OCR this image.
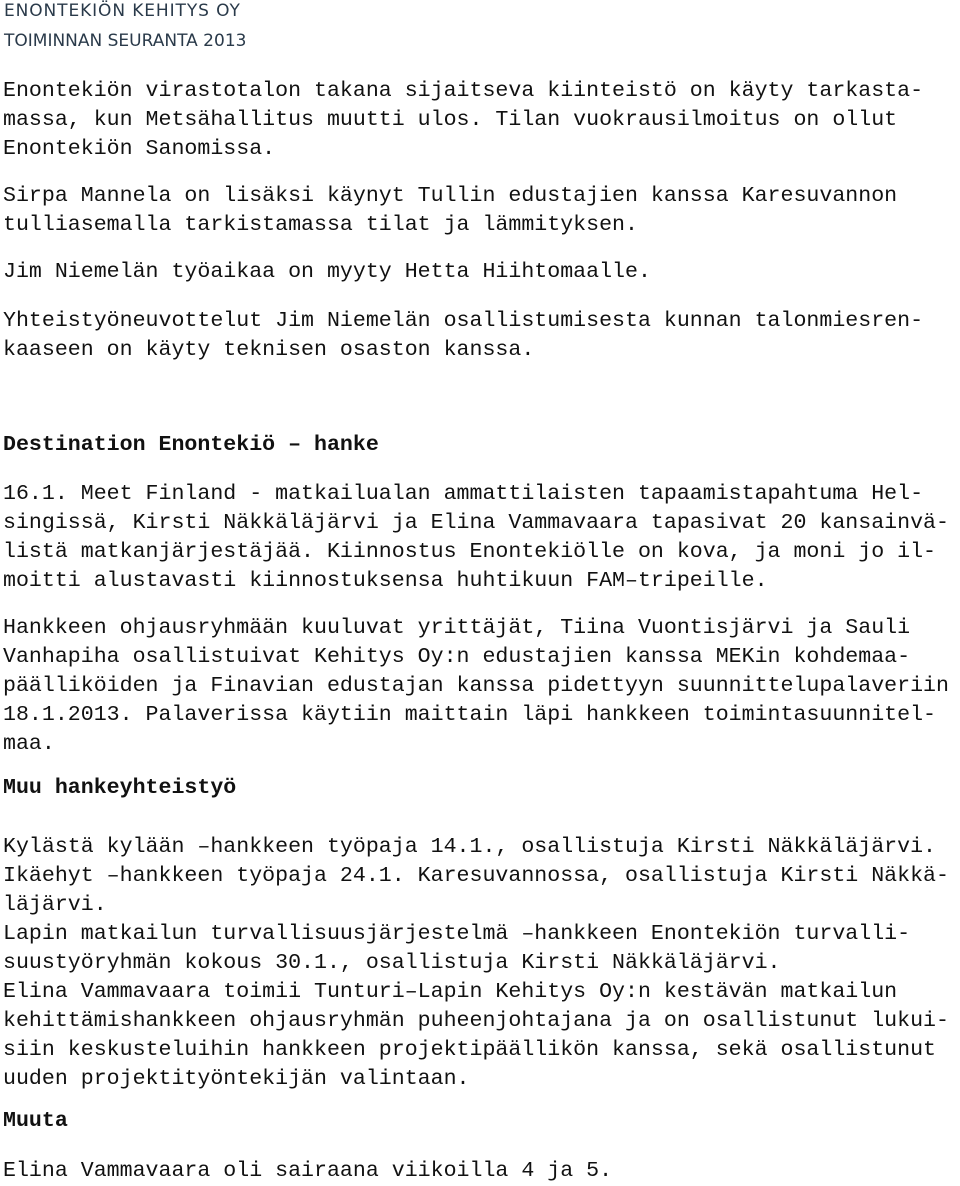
ENONTEKIÖN KEHITYS OY
TOIMINNAN SEURANTA 2013
Enontekiön virastotalon takana sijaitseva kiinteistö on käyty tarkasta-
massa, kun Metsähallitus muutti ulos. Tilan vuokrausilmoitus on ollut
Enontekiön Sanomissa.
Sirpa Mannela on lisäksi käynyt Tullin edustajien kanssa Karesuvannon
tulliasemalla tarkistamassa tilat ja lämmityksen.
Jim Niemelän työaikaa on myyty Hetta Hiihtomaalle.
Yhteistyöneuvottelut Jim Niemelän osallistumisesta kunnan talonmiesren-
kaaseen on käyty teknisen osaston kanssa.
Destination Enontekiö – hanke
16.1. Meet Finland - matkailualan ammattilaisten tapaamistapahtuma Hel-
singissä, Kirsti Näkkäläjärvi ja Elina Vammavaara tapasivat 20 kansainvä-
listä matkanjärjestäjää. Kiinnostus Enontekiölle on kova, ja moni jo il-
moitti alustavasti kiinnostuksensa huhtikuun FAM–tripeille.
Hankkeen ohjausryhmään kuuluvat yrittäjät, Tiina Vuontisjärvi ja Sauli
Vanhapiha osallistuivat Kehitys Oy:n edustajien kanssa MEKin kohdemaa-
päälliköiden ja Finavian edustajan kanssa pidettyyn suunnittelupalaveriin
18.1.2013. Palaverissa käytiin maittain läpi hankkeen toimintasuunnitel-
maa.
Muu hankeyhteistyö
Kylästä kylään –hankkeen työpaja 14.1., osallistuja Kirsti Näkkäläjärvi.
Ikäehyt –hankkeen työpaja 24.1. Karesuvannossa, osallistuja Kirsti Näkkä-
läjärvi.
Lapin matkailun turvallisuusjärjestelmä –hankkeen Enontekiön turvalli-
suustyöryhmän kokous 30.1., osallistuja Kirsti Näkkäläjärvi.
Elina Vammavaara toimii Tunturi–Lapin Kehitys Oy:n kestävän matkailun
kehittämishankkeen ohjausryhmän puheenjohtajana ja on osallistunut lukui-
siin keskusteluihin hankkeen projektipäällikön kanssa, sekä osallistunut
uuden projektityöntekijän valintaan.
Muuta
Elina Vammavaara oli sairaana viikoilla 4 ja 5.
